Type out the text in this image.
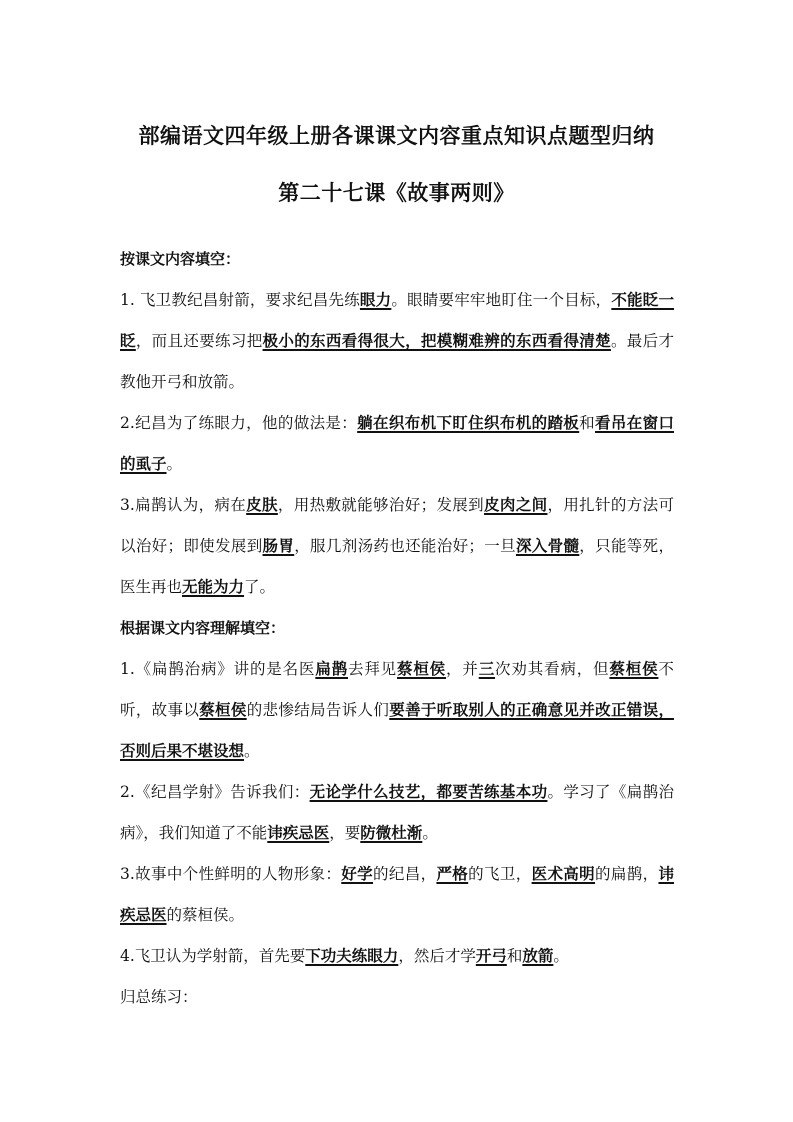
部编语文四年级上册各课课文内容重点知识点题型归纳
第二十七课《故事两则》

按课文内容填空：

1. 飞卫教纪昌射箭，要求纪昌先练眼力。眼睛要牢牢地盯住一个目标，不能眨一眨，而且还要练习把极小的东西看得很大，把模糊难辨的东西看得清楚。最后才教他开弓和放箭。

2.纪昌为了练眼力，他的做法是：躺在织布机下盯住织布机的踏板和看吊在窗口的虱子。

3.扁鹊认为，病在皮肤，用热敷就能够治好；发展到皮肉之间，用扎针的方法可以治好；即使发展到肠胃，服几剂汤药也还能治好；一旦深入骨髓，只能等死，医生再也无能为力了。

根据课文内容理解填空：

1.《扁鹊治病》讲的是名医扁鹊去拜见蔡桓侯，并三次劝其看病，但蔡桓侯不听，故事以蔡桓侯的悲惨结局告诉人们要善于听取别人的正确意见并改正错误，否则后果不堪设想。

2.《纪昌学射》告诉我们：无论学什么技艺，都要苦练基本功。学习了《扁鹊治病》，我们知道了不能讳疾忌医，要防微杜渐。

3.故事中个性鲜明的人物形象：好学的纪昌，严格的飞卫，医术高明的扁鹊，讳疾忌医的蔡桓侯。

4.飞卫认为学射箭，首先要下功夫练眼力，然后才学开弓和放箭。

归总练习：
